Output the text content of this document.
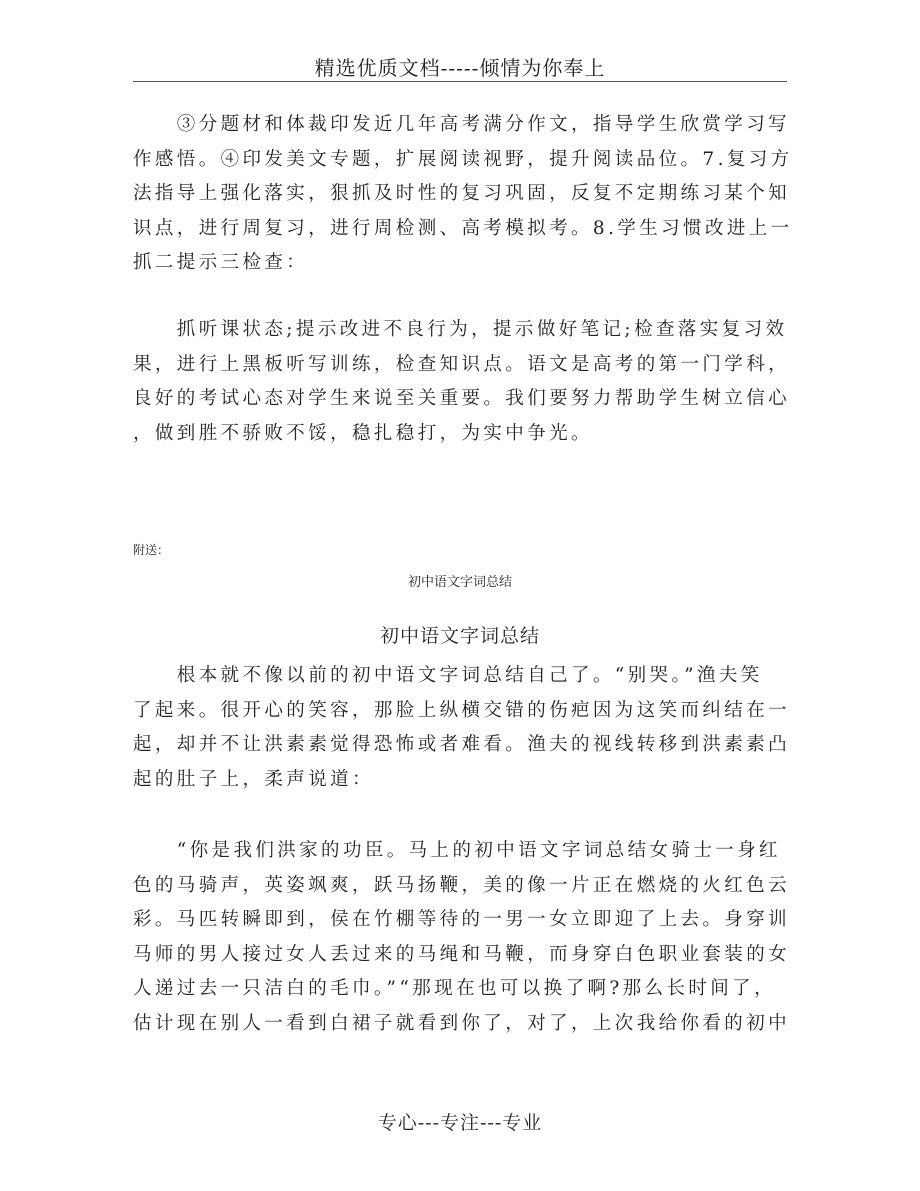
精选优质文档-----倾情为你奉上

　　③分题材和体裁印发近几年高考满分作文，指导学生欣赏学习写
作感悟。④印发美文专题，扩展阅读视野，提升阅读品位。7.复习方
法指导上强化落实，狠抓及时性的复习巩固，反复不定期练习某个知
识点，进行周复习，进行周检测、高考模拟考。8.学生习惯改进上一
抓二提示三检查：

　　抓听课状态;提示改进不良行为，提示做好笔记;检查落实复习效
果，进行上黑板听写训练，检查知识点。语文是高考的第一门学科，
良好的考试心态对学生来说至关重要。我们要努力帮助学生树立信心
，做到胜不骄败不馁，稳扎稳打，为实中争光。

附送：
初中语文字词总结
初中语文字词总结

　　根本就不像以前的初中语文字词总结自己了。“别哭。”渔夫笑
了起来。很开心的笑容，那脸上纵横交错的伤疤因为这笑而纠结在一
起，却并不让洪素素觉得恐怖或者难看。渔夫的视线转移到洪素素凸
起的肚子上，柔声说道：

　　“你是我们洪家的功臣。马上的初中语文字词总结女骑士一身红
色的马骑声，英姿飒爽，跃马扬鞭，美的像一片正在燃烧的火红色云
彩。马匹转瞬即到，侯在竹棚等待的一男一女立即迎了上去。身穿训
马师的男人接过女人丢过来的马绳和马鞭，而身穿白色职业套装的女
人递过去一只洁白的毛巾。”“那现在也可以换了啊?那么长时间了，
估计现在别人一看到白裙子就看到你了，对了，上次我给你看的初中

专心---专注---专业
